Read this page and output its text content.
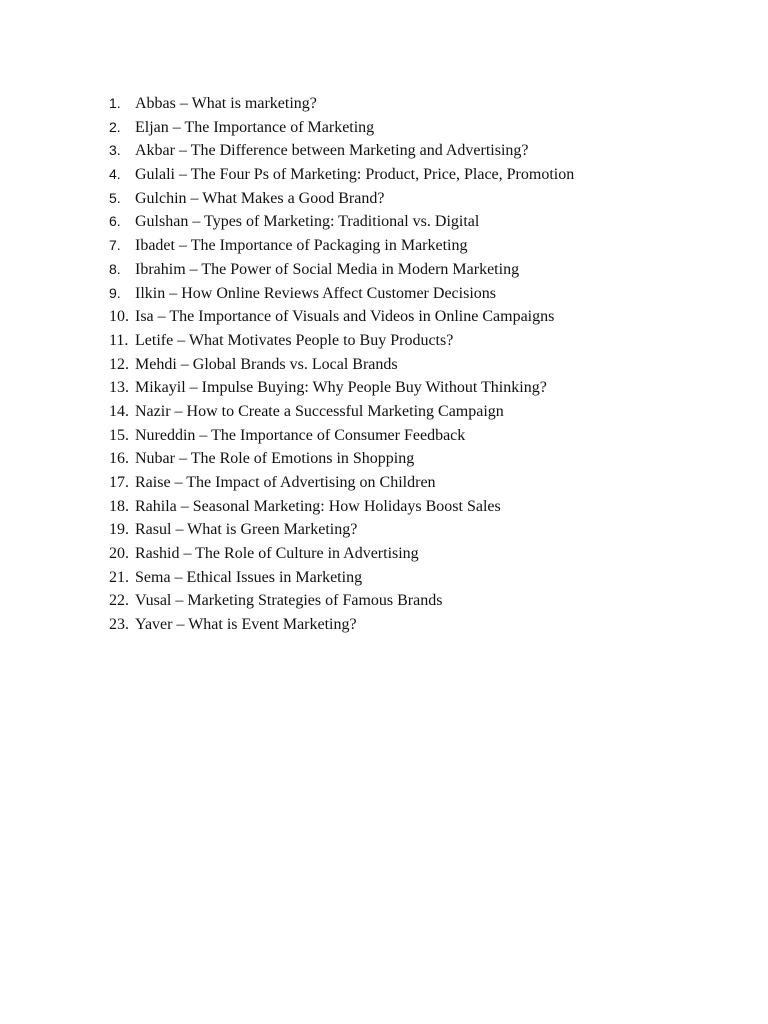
1. Abbas – What is marketing?
2. Eljan – The Importance of Marketing
3. Akbar – The Difference between Marketing and Advertising?
4. Gulali – The Four Ps of Marketing: Product, Price, Place, Promotion
5. Gulchin – What Makes a Good Brand?
6. Gulshan – Types of Marketing: Traditional vs. Digital
7. Ibadet – The Importance of Packaging in Marketing
8. Ibrahim – The Power of Social Media in Modern Marketing
9. Ilkin – How Online Reviews Affect Customer Decisions
10. Isa – The Importance of Visuals and Videos in Online Campaigns
11. Letife – What Motivates People to Buy Products?
12. Mehdi – Global Brands vs. Local Brands
13. Mikayil – Impulse Buying: Why People Buy Without Thinking?
14. Nazir – How to Create a Successful Marketing Campaign
15. Nureddin – The Importance of Consumer Feedback
16. Nubar – The Role of Emotions in Shopping
17. Raise – The Impact of Advertising on Children
18. Rahila – Seasonal Marketing: How Holidays Boost Sales
19. Rasul – What is Green Marketing?
20. Rashid – The Role of Culture in Advertising
21. Sema – Ethical Issues in Marketing
22. Vusal – Marketing Strategies of Famous Brands
23. Yaver – What is Event Marketing?
